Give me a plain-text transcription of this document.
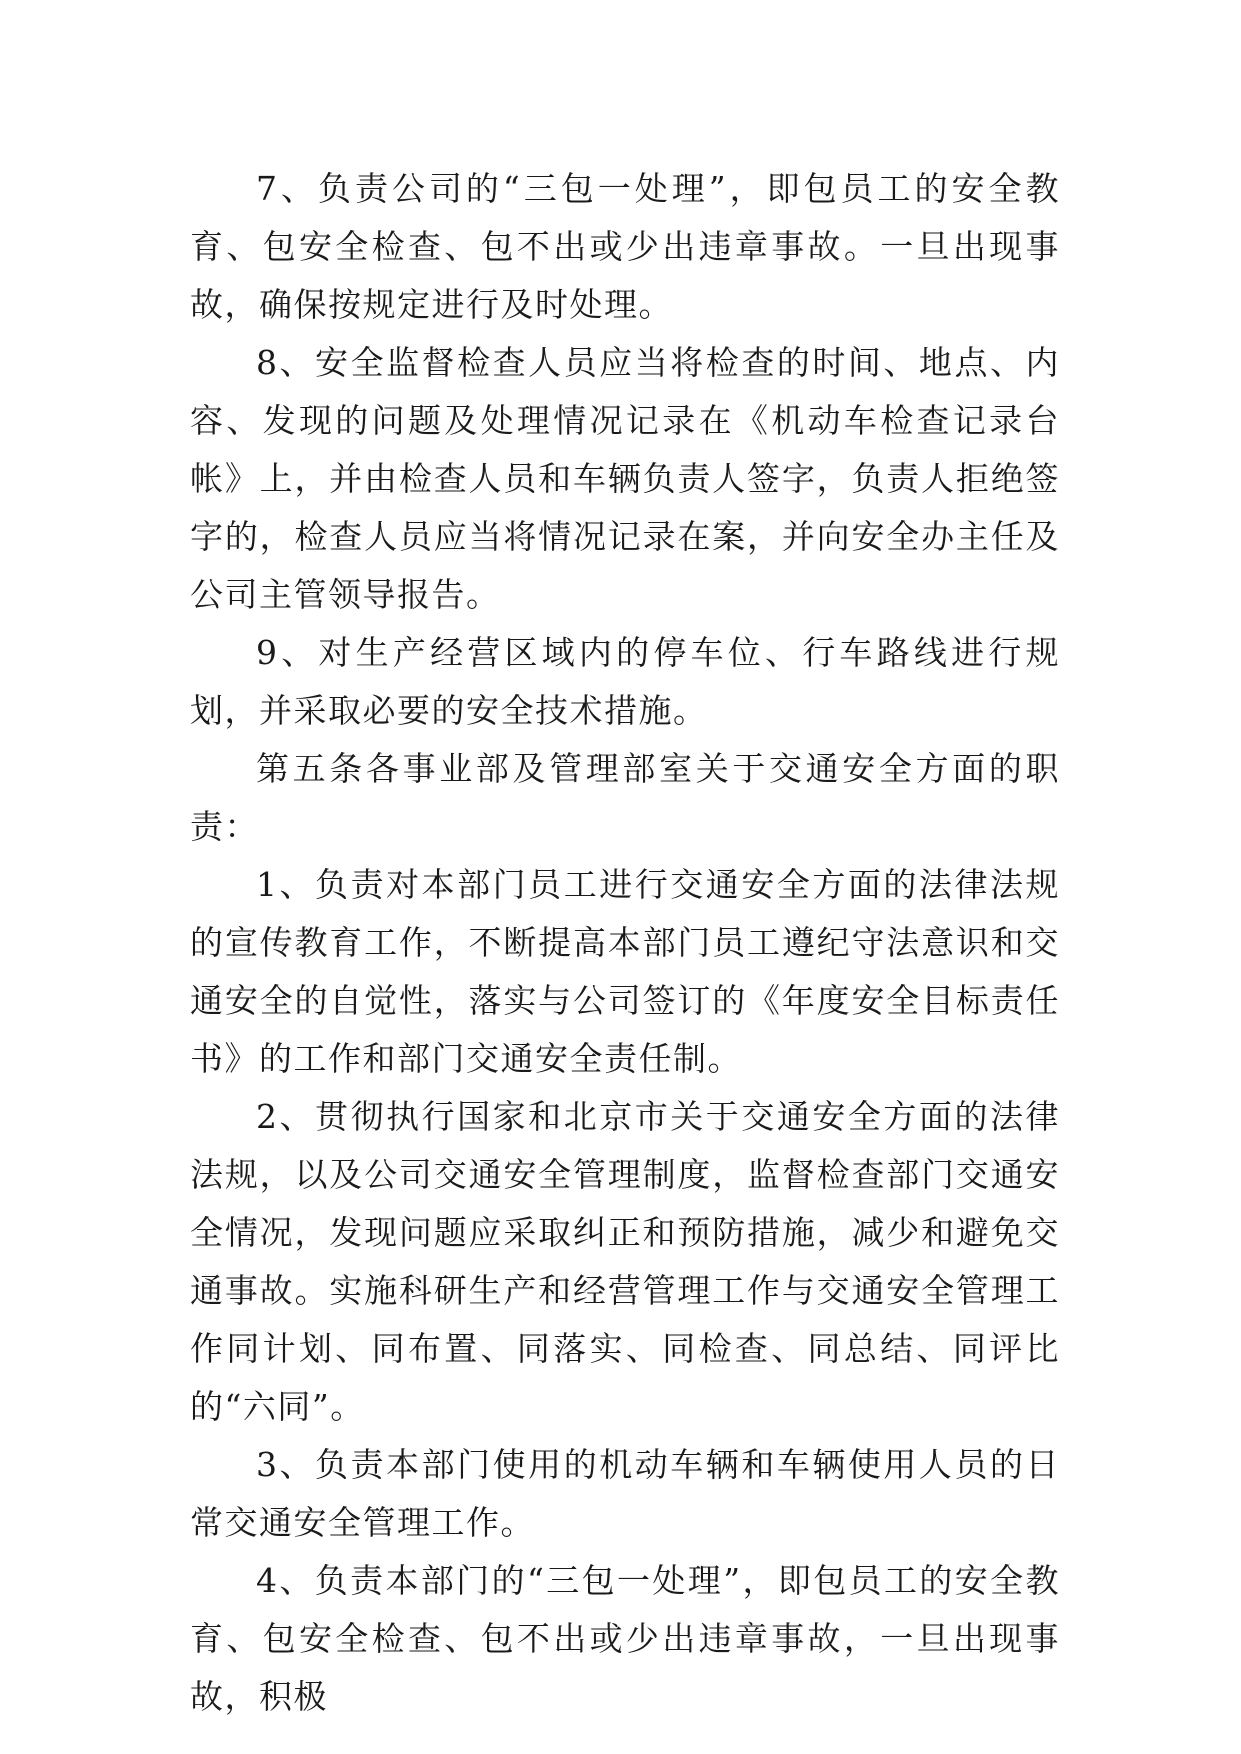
7、负责公司的“三包一处理”，即包员工的安全教育、包安全检查、包不出或少出违章事故。一旦出现事故，确保按规定进行及时处理。

8、安全监督检查人员应当将检查的时间、地点、内容、发现的问题及处理情况记录在《机动车检查记录台帐》上，并由检查人员和车辆负责人签字，负责人拒绝签字的，检查人员应当将情况记录在案，并向安全办主任及公司主管领导报告。

9、对生产经营区域内的停车位、行车路线进行规划，并采取必要的安全技术措施。

第五条各事业部及管理部室关于交通安全方面的职责：

1、负责对本部门员工进行交通安全方面的法律法规的宣传教育工作，不断提高本部门员工遵纪守法意识和交通安全的自觉性，落实与公司签订的《年度安全目标责任书》的工作和部门交通安全责任制。

2、贯彻执行国家和北京市关于交通安全方面的法律法规，以及公司交通安全管理制度，监督检查部门交通安全情况，发现问题应采取纠正和预防措施，减少和避免交通事故。实施科研生产和经营管理工作与交通安全管理工作同计划、同布置、同落实、同检查、同总结、同评比的“六同”。

3、负责本部门使用的机动车辆和车辆使用人员的日常交通安全管理工作。

4、负责本部门的“三包一处理”，即包员工的安全教育、包安全检查、包不出或少出违章事故，一旦出现事故，积极
